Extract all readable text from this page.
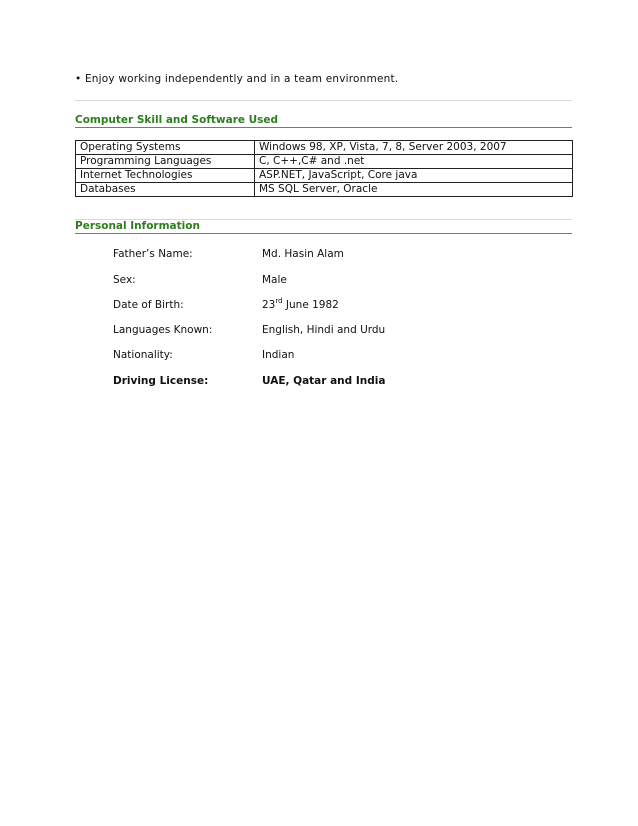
• Enjoy working independently and in a team environment.
Computer Skill and Software Used
Operating Systems	Windows 98, XP, Vista, 7, 8, Server 2003, 2007
Programming Languages	C, C++,C# and .net
Internet Technologies	ASP.NET, JavaScript, Core java
Databases	MS SQL Server, Oracle
Personal Information
Father’s Name:	Md. Hasin Alam
Sex:	Male
Date of Birth:	23rd June 1982
Languages Known:	English, Hindi and Urdu
Nationality:	Indian
Driving License:	UAE, Qatar and India
